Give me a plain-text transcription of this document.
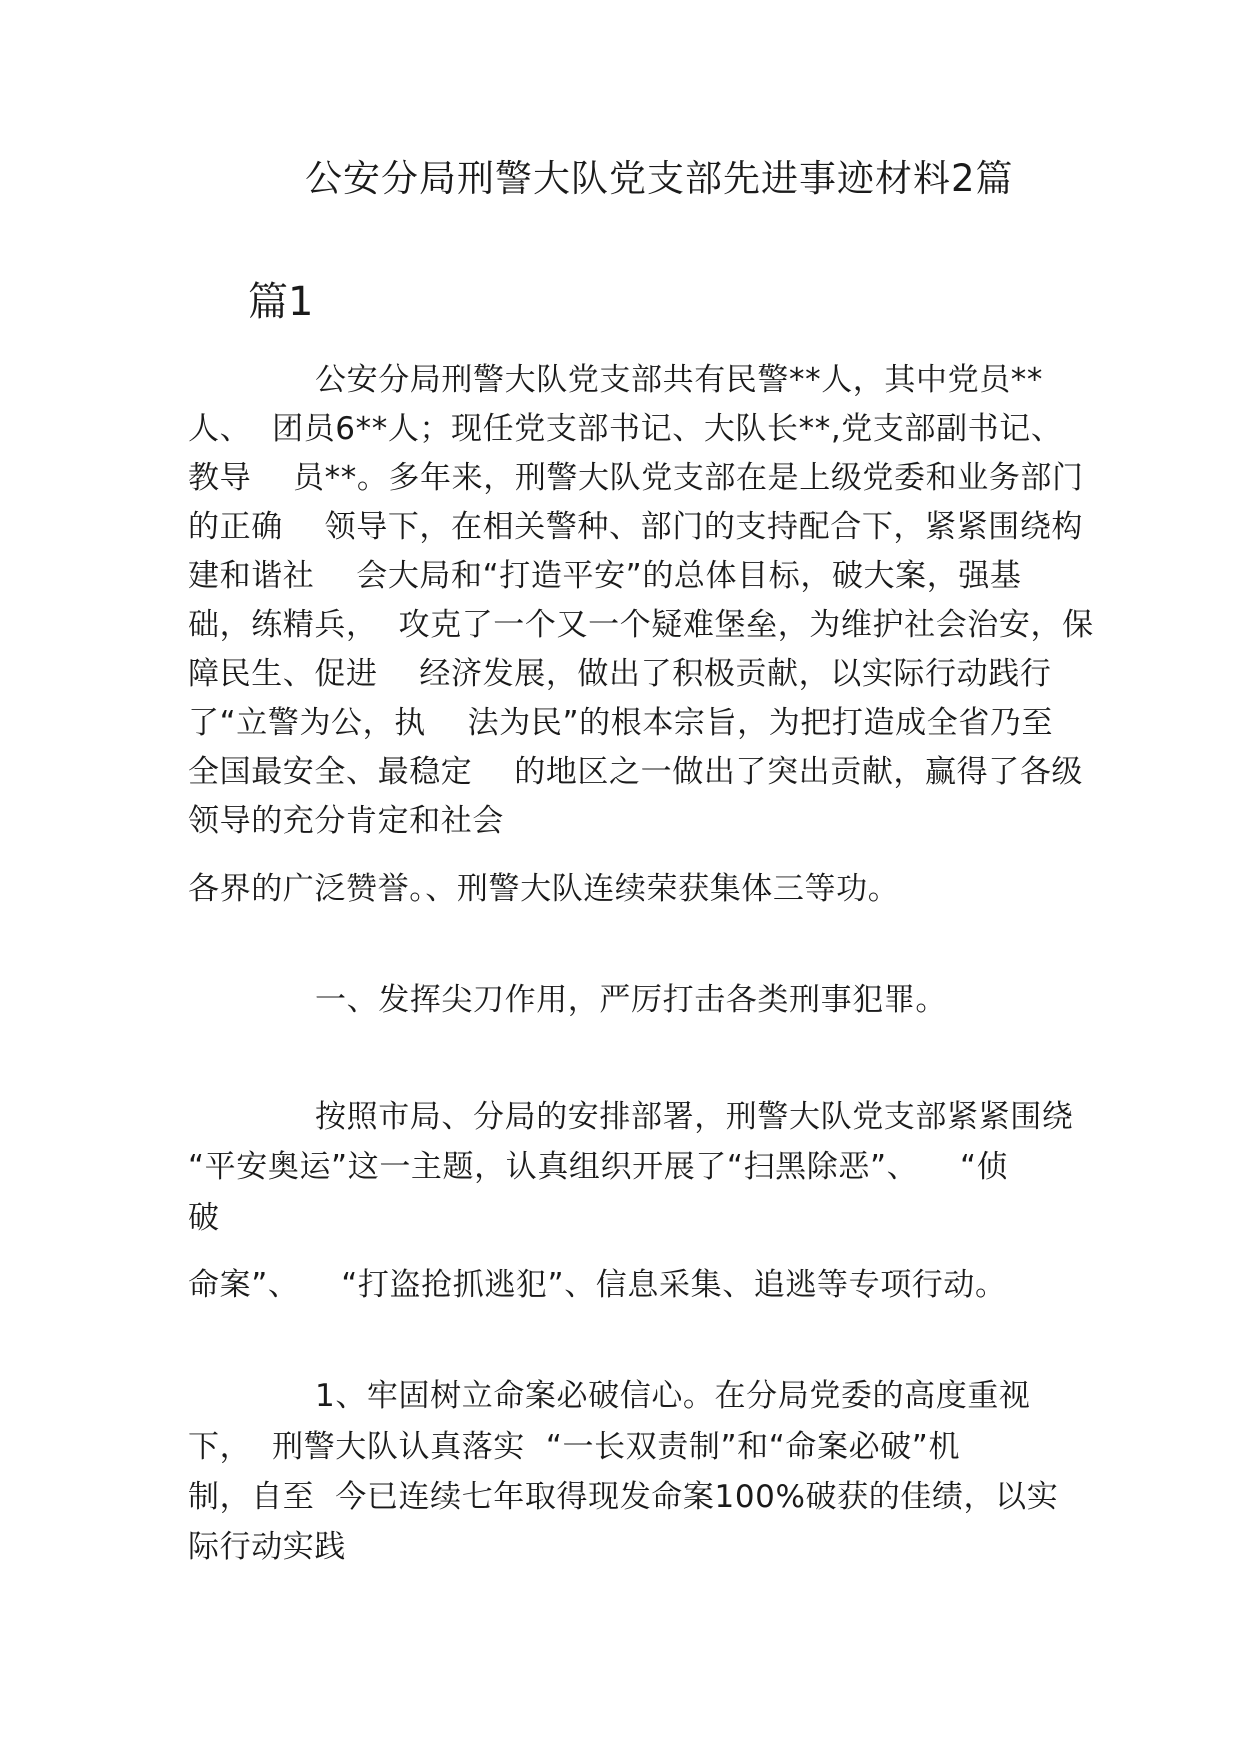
公安分局刑警大队党支部先进事迹材料2篇
篇1
公安分局刑警大队党支部共有民警**人，其中党员**
人、  团员6**人；现任党支部书记、大队长**,党支部副书记、
教导    员**。多年来，刑警大队党支部在是上级党委和业务部门
的正确    领导下，在相关警种、部门的支持配合下，紧紧围绕构
建和谐社    会大局和“打造平安”的总体目标，破大案，强基
础，练精兵，  攻克了一个又一个疑难堡垒，为维护社会治安，保
障民生、促进    经济发展，做出了积极贡献，以实际行动践行
了“立警为公，执    法为民”的根本宗旨，为把打造成全省乃至
全国最安全、最稳定    的地区之一做出了突出贡献，赢得了各级
领导的充分肯定和社会
各界的广泛赞誉。、刑警大队连续荣获集体三等功。
一、发挥尖刀作用，严厉打击各类刑事犯罪。
按照市局、分局的安排部署，刑警大队党支部紧紧围绕
“平安奥运”这一主题，认真组织开展了“扫黑除恶”、    “侦
破
命案”、    “打盗抢抓逃犯”、信息采集、追逃等专项行动。
1、牢固树立命案必破信心。在分局党委的高度重视
下，  刑警大队认真落实  “一长双责制”和“命案必破”机
制，自至  今已连续七年取得现发命案100%破获的佳绩，以实
际行动实践
